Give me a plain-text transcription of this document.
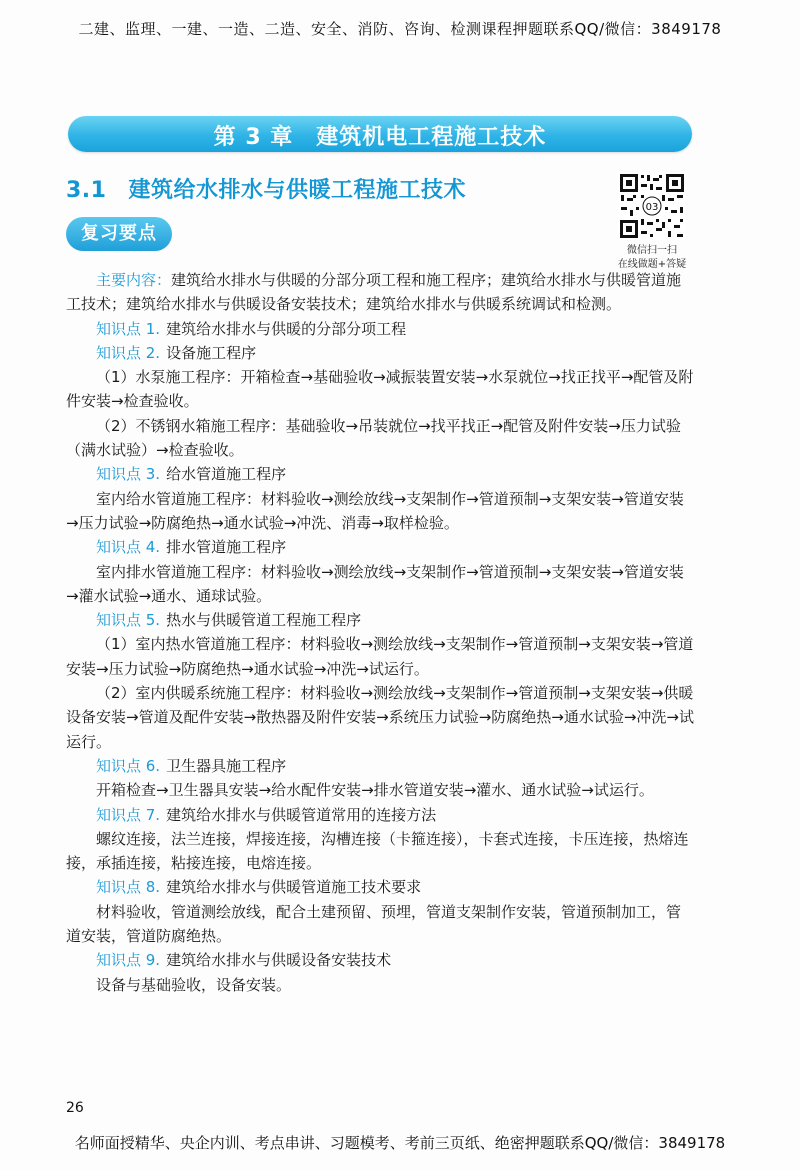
二建、监理、一建、一造、二造、安全、消防、咨询、检测课程押题联系QQ/微信：3849178
第 3 章　建筑机电工程施工技术
3.1 建筑给水排水与供暖工程施工技术
复习要点
03
微信扫一扫
在线做题+答疑

主要内容：建筑给水排水与供暖的分部分项工程和施工程序；建筑给水排水与供暖管道施工技术；建筑给水排水与供暖设备安装技术；建筑给水排水与供暖系统调试和检测。

知识点 1. 建筑给水排水与供暖的分部分项工程

知识点 2. 设备施工程序

（1）水泵施工程序：开箱检查→基础验收→减振装置安装→水泵就位→找正找平→配管及附件安装→检查验收。

（2）不锈钢水箱施工程序：基础验收→吊装就位→找平找正→配管及附件安装→压力试验（满水试验）→检查验收。

知识点 3. 给水管道施工程序

室内给水管道施工程序：材料验收→测绘放线→支架制作→管道预制→支架安装→管道安装→压力试验→防腐绝热→通水试验→冲洗、消毒→取样检验。

知识点 4. 排水管道施工程序

室内排水管道施工程序：材料验收→测绘放线→支架制作→管道预制→支架安装→管道安装→灌水试验→通水、通球试验。

知识点 5. 热水与供暖管道工程施工程序

（1）室内热水管道施工程序：材料验收→测绘放线→支架制作→管道预制→支架安装→管道安装→压力试验→防腐绝热→通水试验→冲洗→试运行。

（2）室内供暖系统施工程序：材料验收→测绘放线→支架制作→管道预制→支架安装→供暖设备安装→管道及配件安装→散热器及附件安装→系统压力试验→防腐绝热→通水试验→冲洗→试运行。

知识点 6. 卫生器具施工程序

开箱检查→卫生器具安装→给水配件安装→排水管道安装→灌水、通水试验→试运行。

知识点 7. 建筑给水排水与供暖管道常用的连接方法

螺纹连接，法兰连接，焊接连接，沟槽连接（卡箍连接），卡套式连接，卡压连接，热熔连接，承插连接，粘接连接，电熔连接。

知识点 8. 建筑给水排水与供暖管道施工技术要求

材料验收，管道测绘放线，配合土建预留、预埋，管道支架制作安装，管道预制加工，管道安装，管道防腐绝热。

知识点 9. 建筑给水排水与供暖设备安装技术

设备与基础验收，设备安装。

26
名师面授精华、央企内训、考点串讲、习题模考、考前三页纸、绝密押题联系QQ/微信：3849178
